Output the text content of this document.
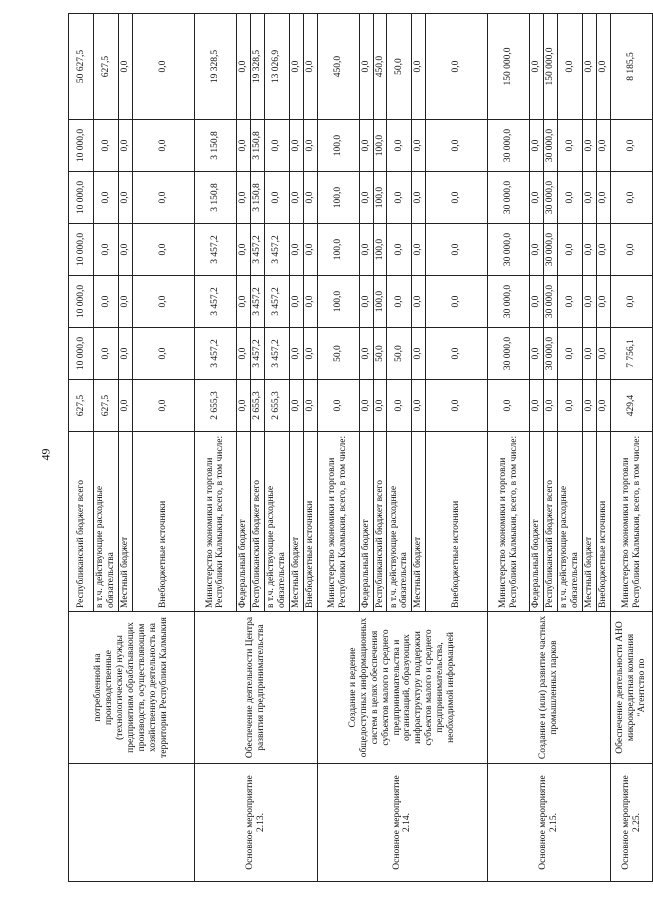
49
	потребленной на производственные (технологические) нужды предприятиям обрабатывающих производств, осуществляющим хозяйственную деятельность на территории Республики Калмыкия	Республиканский бюджет всего	627,5	10 000,0	10 000,0	10 000,0	10 000,0	10 000,0	50 627,5
		в т.ч. действующие расходные обязательства	627,5	0,0	0,0	0,0	0,0	0,0	627,5
		Местный бюджет	0,0	0,0	0,0	0,0	0,0	0,0	0,0
		Внебюджетные источники	0,0	0,0	0,0	0,0	0,0	0,0	0,0
Основное мероприятие 2.13.	Обеспечение деятельности Центра развития предпринимательства	Министерство экономики и торговли Республики Калмыкия, всего, в том числе:	2 655,3	3 457,2	3 457,2	3 457,2	3 150,8	3 150,8	19 328,5
		Федеральный бюджет	0,0	0,0	0,0	0,0	0,0	0,0	0,0
		Республиканский бюджет всего	2 655,3	3 457,2	3 457,2	3 457,2	3 150,8	3 150,8	19 328,5
		в т.ч. действующие расходные обязательства	2 655,3	3 457,2	3 457,2	3 457,2	0,0	0,0	13 026,9
		Местный бюджет	0,0	0,0	0,0	0,0	0,0	0,0	0,0
		Внебюджетные источники	0,0	0,0	0,0	0,0	0,0	0,0	0,0
Основное мероприятие 2.14.	Создание и ведение общедоступных информационных систем в целях обеспечения субъектов малого и среднего предпринимательства и организаций, образующих инфраструктуру поддержки субъектов малого и среднего предпринимательства, необходимой информацией	Министерство экономики и торговли Республики Калмыкия, всего, в том числе:	0,0	50,0	100,0	100,0	100,0	100,0	450,0
		Федеральный бюджет	0,0	0,0	0,0	0,0	0,0	0,0	0,0
		Республиканский бюджет всего	0,0	50,0	100,0	100,0	100,0	100,0	450,0
		в т.ч. действующие расходные обязательства	0,0	50,0	0,0	0,0	0,0	0,0	50,0
		Местный бюджет	0,0	0,0	0,0	0,0	0,0	0,0	0,0
		Внебюджетные источники	0,0	0,0	0,0	0,0	0,0	0,0	0,0
Основное мероприятие 2.15.	Создание и (или) развитие частных промышленных парков	Министерство экономики и торговли Республики Калмыкия, всего, в том числе:	0,0	30 000,0	30 000,0	30 000,0	30 000,0	30 000,0	150 000,0
		Федеральный бюджет	0,0	0,0	0,0	0,0	0,0	0,0	0,0
		Республиканский бюджет всего	0,0	30 000,0	30 000,0	30 000,0	30 000,0	30 000,0	150 000,0
		в т.ч. действующие расходные обязательства	0,0	0,0	0,0	0,0	0,0	0,0	0,0
		Местный бюджет	0,0	0,0	0,0	0,0	0,0	0,0	0,0
		Внебюджетные источники	0,0	0,0	0,0	0,0	0,0	0,0	0,0
Основное мероприятие 2.25.	Обеспечение деятельности АНО микрокредитная компания "Агентство по	Министерство экономики и торговли Республики Калмыкия, всего, в том числе:	429,4	7 756,1	0,0	0,0	0,0	0,0	8 185,5
